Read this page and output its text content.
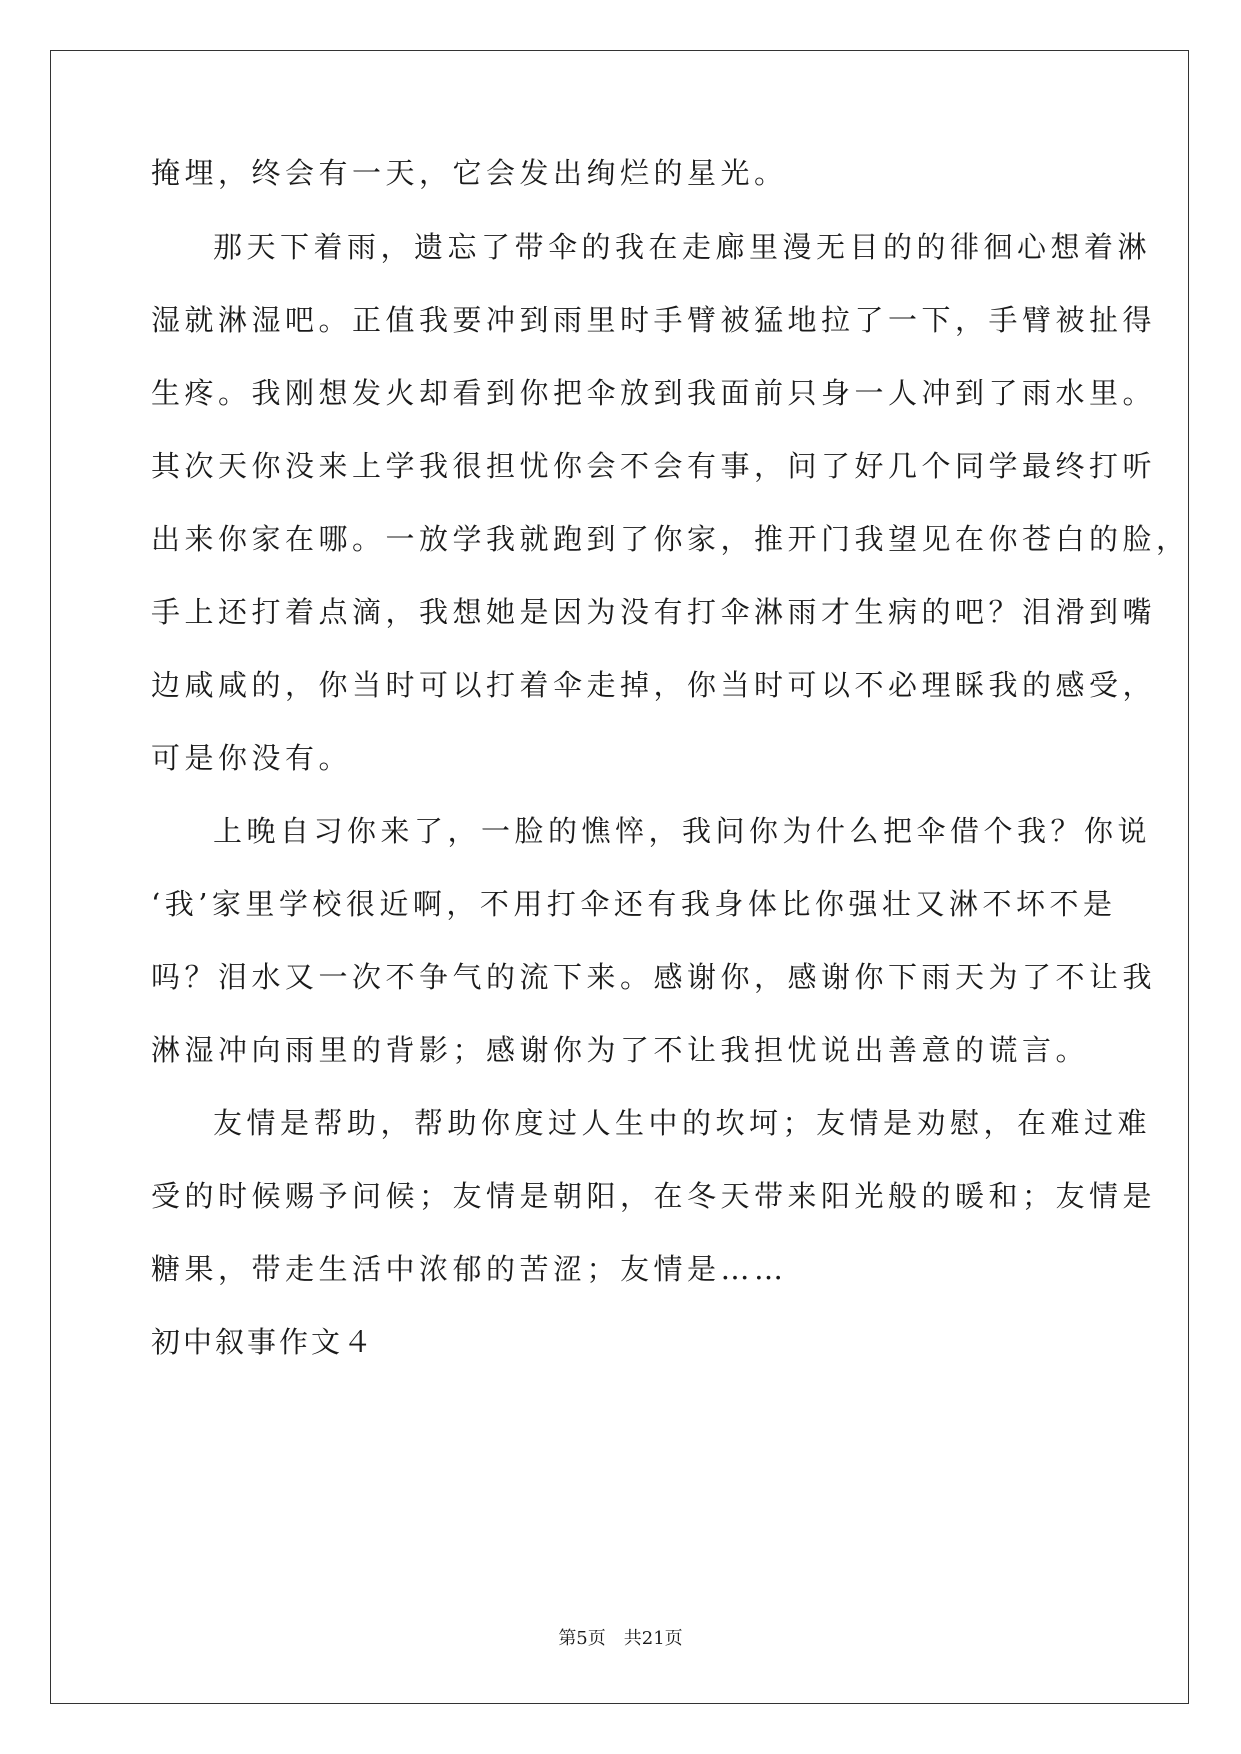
掩埋，终会有一天，它会发出绚烂的星光。
那天下着雨，遗忘了带伞的我在走廊里漫无目的的徘徊心想着淋
湿就淋湿吧。正值我要冲到雨里时手臂被猛地拉了一下，手臂被扯得
生疼。我刚想发火却看到你把伞放到我面前只身一人冲到了雨水里。
其次天你没来上学我很担忧你会不会有事，问了好几个同学最终打听
出来你家在哪。一放学我就跑到了你家，推开门我望见在你苍白的脸，
手上还打着点滴，我想她是因为没有打伞淋雨才生病的吧？泪滑到嘴
边咸咸的，你当时可以打着伞走掉，你当时可以不必理睬我的感受，
可是你没有。
上晚自习你来了，一脸的憔悴，我问你为什么把伞借个我？你说
‘我’家里学校很近啊，不用打伞还有我身体比你强壮又淋不坏不是
吗？泪水又一次不争气的流下来。感谢你，感谢你下雨天为了不让我
淋湿冲向雨里的背影；感谢你为了不让我担忧说出善意的谎言。
友情是帮助，帮助你度过人生中的坎坷；友情是劝慰，在难过难
受的时候赐予问候；友情是朝阳，在冬天带来阳光般的暖和；友情是
糖果，带走生活中浓郁的苦涩；友情是……
初中叙事作文４
第5页　共21页
